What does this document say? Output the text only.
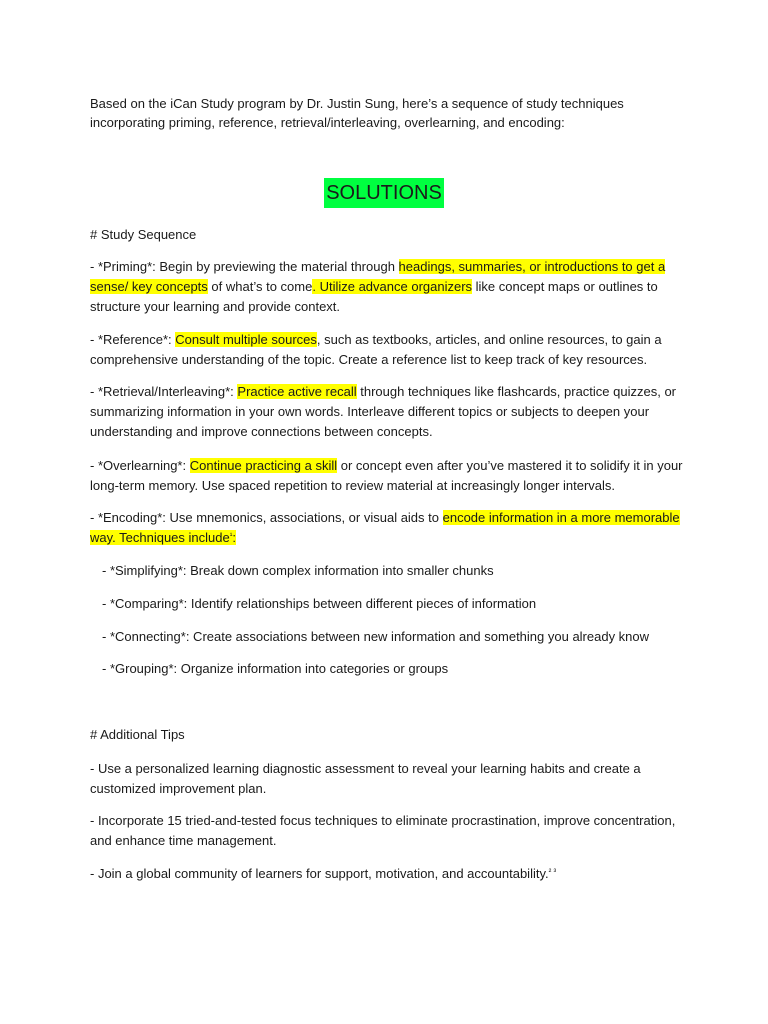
Based on the iCan Study program by Dr. Justin Sung, here’s a sequence of study techniques incorporating priming, reference, retrieval/interleaving, overlearning, and encoding:

SOLUTIONS

# Study Sequence

- *Priming*: Begin by previewing the material through headings, summaries, or introductions to get a sense/ key concepts of what’s to come. Utilize advance organizers like concept maps or outlines to structure your learning and provide context.

- *Reference*: Consult multiple sources, such as textbooks, articles, and online resources, to gain a comprehensive understanding of the topic. Create a reference list to keep track of key resources.

- *Retrieval/Interleaving*: Practice active recall through techniques like flashcards, practice quizzes, or summarizing information in your own words. Interleave different topics or subjects to deepen your understanding and improve connections between concepts.

- *Overlearning*: Continue practicing a skill or concept even after you’ve mastered it to solidify it in your long-term memory. Use spaced repetition to review material at increasingly longer intervals.

- *Encoding*: Use mnemonics, associations, or visual aids to encode information in a more memorable way. Techniques include$^{^1}$:

- *Simplifying*: Break down complex information into smaller chunks

- *Comparing*: Identify relationships between different pieces of information

- *Connecting*: Create associations between new information and something you already know

- *Grouping*: Organize information into categories or groups

# Additional Tips

- Use a personalized learning diagnostic assessment to reveal your learning habits and create a customized improvement plan.

- Incorporate 15 tried-and-tested focus techniques to eliminate procrastination, improve concentration, and enhance time management.

- Join a global community of learners for support, motivation, and accountability.$^{^2 ^3}$
